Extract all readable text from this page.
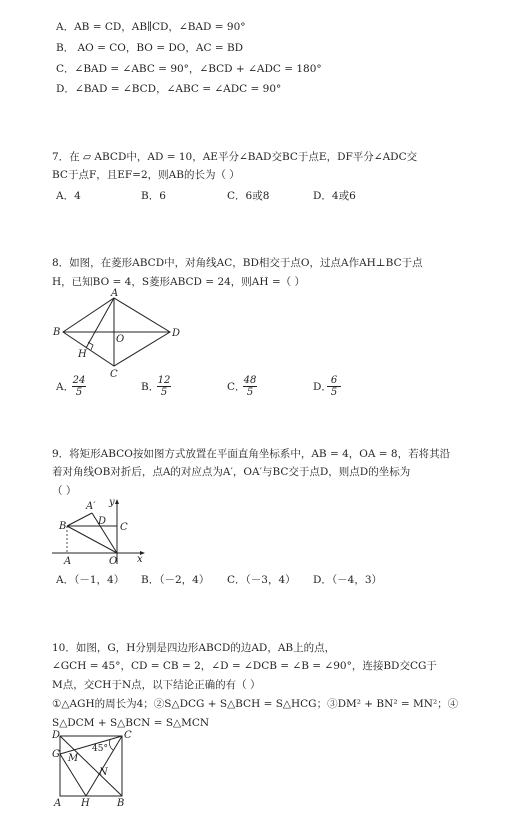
A．AB = CD，AB∥CD，∠BAD = 90°
B． AO = CO，BO = DO，AC = BD
C．∠BAD = ∠ABC = 90°，∠BCD + ∠ADC = 180°
D．∠BAD = ∠BCD，∠ABC = ∠ADC = 90°
7．在 ▱ ABCD中，AD = 10，AE平分∠BAD交BC于点E，DF平分∠ADC交
BC于点F，且EF=2，则AB的长为（ ）
A．4	B．6	C．6或8	D．4或6
8．如图，在菱形ABCD中，对角线AC，BD相交于点O，过点A作AH⊥BC于点
H，已知BO = 4，S菱形ABCD = 24，则AH =（ ）
A
B	D
O
H
C
A．
$\frac{24}{5}$	B．
$\frac{12}{5}$	C．
$\frac{48}{5}$	D．
$\frac{6}{5}$
9．将矩形ABCO按如图方式放置在平面直角坐标系中，AB = 4，OA = 8，若将其沿
着对角线OB对折后，点A的对应点为A′，OA′与BC交于点D，则点D的坐标为
（ ）
A′ y
B	D
C
A	O x
A．（－1，4） B．（－2，4） C．（－3，4） D．（－4，3）
10．如图，G，H分别是四边形ABCD的边AD，AB上的点，
∠GCH = 45°，CD = CB = 2，∠D = ∠DCB = ∠B = ∠90°，连接BD交CG于
M点，交CH于N点，以下结论正确的有（ ）
①△AGH的周长为4；②S△DCG + S△BCH = S△HCG；③DM² + BN² = MN²；④
S△DCM + S△BCN = S△MCN
D	C
45°
G M
N
A H	B
